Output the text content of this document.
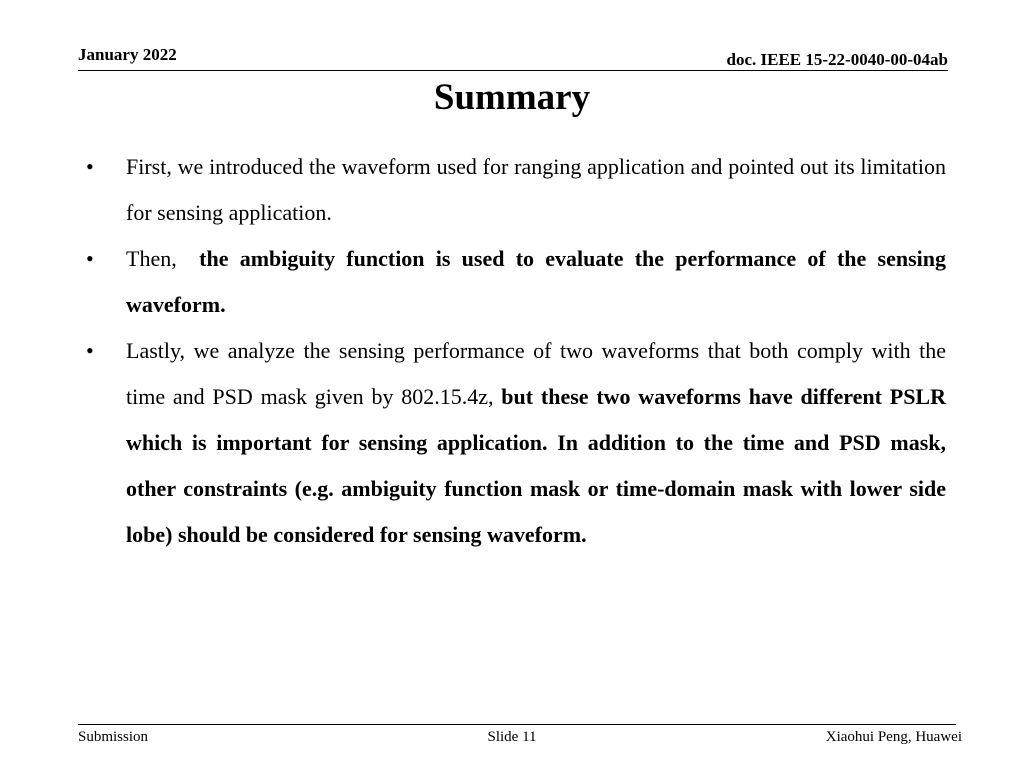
January 2022	doc. IEEE 15-22-0040-00-04ab
Summary
• First, we introduced the waveform used for ranging application and pointed out its limitation for sensing application.
• Then,  the ambiguity function is used to evaluate the performance of the sensing waveform.
• Lastly, we analyze the sensing performance of two waveforms that both comply with the time and PSD mask given by 802.15.4z, but these two waveforms have different PSLR which is important for sensing application. In addition to the time and PSD mask, other constraints (e.g. ambiguity function mask or time-domain mask with lower side lobe) should be considered for sensing waveform.
Submission	Slide 11	Xiaohui Peng, Huawei
